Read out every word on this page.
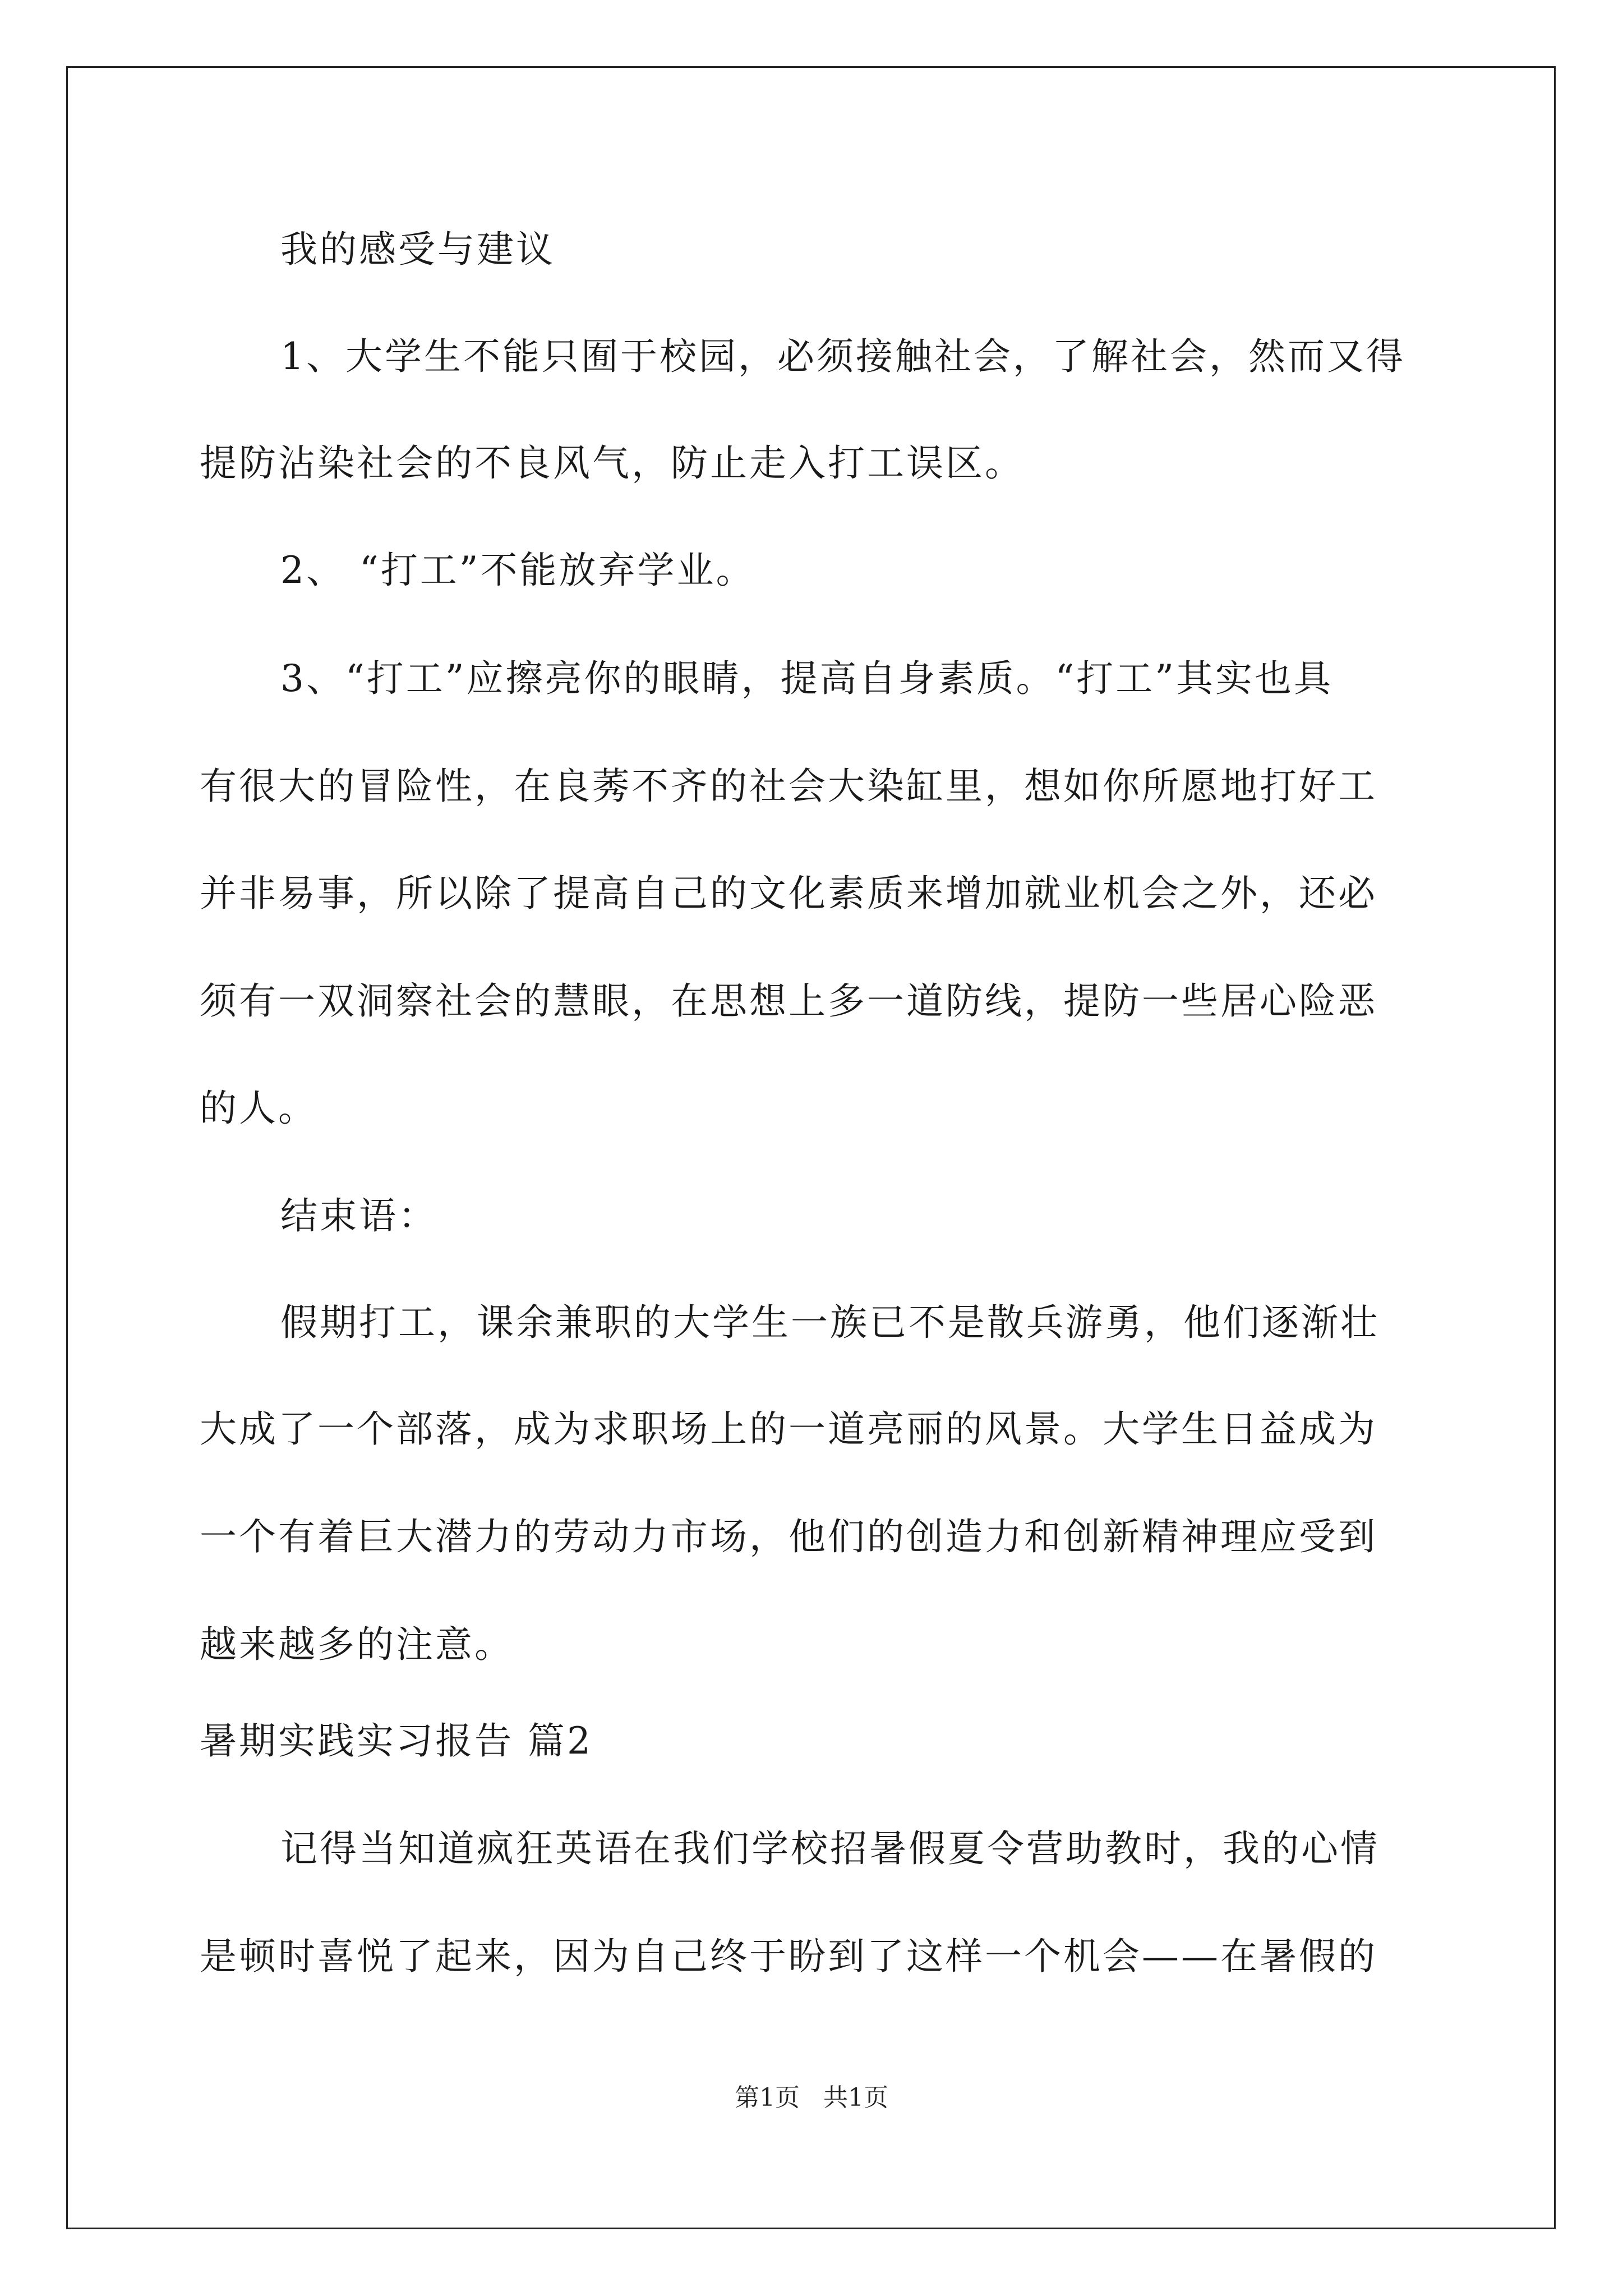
我的感受与建议
1、大学生不能只囿于校园，必须接触社会，了解社会，然而又得
提防沾染社会的不良风气，防止走入打工误区。
2、 “打工”不能放弃学业。
3、“打工”应擦亮你的眼睛，提高自身素质。“打工”其实也具
有很大的冒险性，在良莠不齐的社会大染缸里，想如你所愿地打好工
并非易事，所以除了提高自己的文化素质来增加就业机会之外，还必
须有一双洞察社会的慧眼，在思想上多一道防线，提防一些居心险恶
的人。
结束语：
假期打工，课余兼职的大学生一族已不是散兵游勇，他们逐渐壮
大成了一个部落，成为求职场上的一道亮丽的风景。大学生日益成为
一个有着巨大潜力的劳动力市场，他们的创造力和创新精神理应受到
越来越多的注意。
暑期实践实习报告 篇2
记得当知道疯狂英语在我们学校招暑假夏令营助教时，我的心情
是顿时喜悦了起来，因为自己终于盼到了这样一个机会——在暑假的
第1页 共1页
